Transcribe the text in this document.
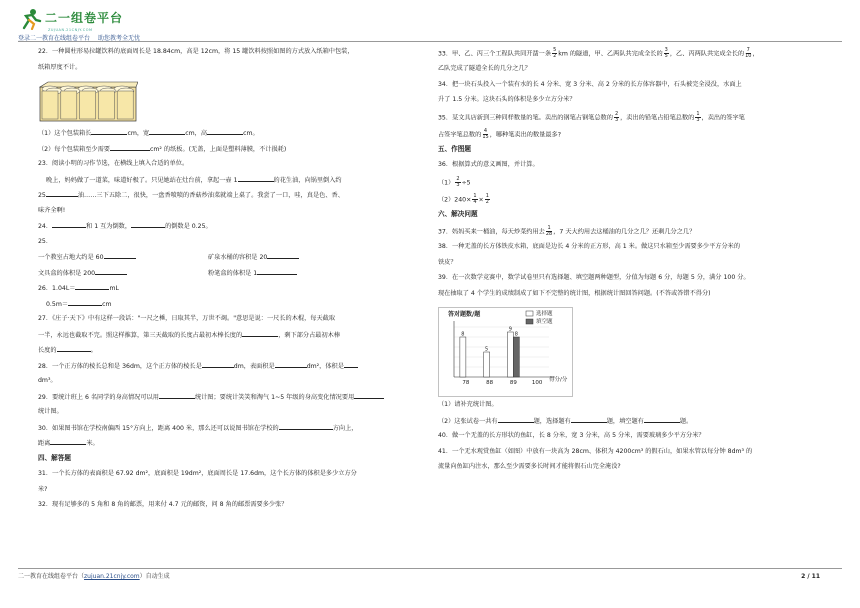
二一组卷平台
ZUJUAN.21CNJY.COM
登录二一教育在线组卷平台 助您教考全无忧
22．一种圆柱形易拉罐饮料的底面周长是 18.84cm，高是 12cm，将 15 罐饮料按照如图的方式放入纸箱中包装，
纸箱厚度不计。
（1）这个包装箱长	cm，宽	cm，高	cm。
（2）每个包装箱至少需要	cm² 的纸板。(无盖，上面是塑料薄膜，不计损耗)
23．阅读小明的习作节选，在横线上填入合适的单位。
晚上，妈妈做了一道菜，味道好极了。只见她站在灶台前，拿起一壶 1	的花生油，向锅里倒入约
25	油……三下五除二，很快，一盘香喷喷的香菇炒油菜就端上桌了。我尝了一口，哇，真是色、香、
味齐全啊!
24．	和 1 互为倒数，	的倒数是 0.25。
25．
一个教室占地大约是 60	矿泉水桶的容积是 20
文具盒的体积是 200	粉笔盒的体积是 1
26．1.04L＝	mL
0.5m＝	cm
27．《庄子·天下》中有这样一段话："一尺之棰，日取其半，万世不竭。"意思是说：一尺长的木棍，每天截取
一半，永远也截取不完。照这样推算，第三天截取的长度占最初木棒长度的	，剩下部分占最初木棒
长度的	。
28．一个正方体的棱长总和是 36dm，这个正方体的棱长是	dm，表面积是	dm²，体积是
dm³。
29．要统计班上 6 名同学的身高情况可以用	统计图；要统计笑笑和淘气 1~5 年级的身高变化情况要用
统计图。
30．如果图书馆在学校南偏西 15°方向上，距离 400 米，那么还可以说图书馆在学校的	方向上，
距离	米。
四、解答题
31．一个长方体的表面积是 67.92 dm²，底面积是 19dm²，底面周长是 17.6dm，这个长方体的体积是多少立方分
米?
32．现有足够多的 5 角和 8 角的邮票，用来付 4.7 元的邮资，问 8 角的邮票需要多少张？
33．甲、乙、丙三个工程队共同开凿一条 $\frac{5}{2}$ km 的隧道，甲、乙两队共完成全长的 $\frac{3}{5}$ ，乙、丙两队共完成全长的 $\frac{7}{10}$ ，
乙队完成了隧道全长的几分之几？
34．把一块石头投入一个装有水的长 4 分米、宽 3 分米、高 2 分米的长方体容器中，石头被完全浸没，水面上
升了 1.5 分米。这块石头的体积是多少立方分米？
35．某文具店新到三种同样数量的笔。卖出的钢笔占钢笔总数的 $\frac{2}{3}$ ，卖出的铅笔占铅笔总数的 $\frac{1}{3}$ ，卖出的签字笔
占签字笔总数的 $\frac{4}{15}$ ，哪种笔卖出的数量最多?
五、作图题
36．根据算式的意义画图，并计算。
$(1) \frac{2}{3} \div 5$
$(2)240\times \frac{1}{4} \times \frac{1}{2}$
六、解决问题
37．妈妈买来一桶油，每天炒菜约用去 $\frac{1}{28}$ ，7 天大约用去这桶油的几分之几？还剩几分之几？
38．一种无盖的长方体铁皮水箱，底面是边长 4 分米的正方形，高 1 米。做这只水箱至少需要多少平方分米的
铁皮？
39．在一次数学竞赛中，数学试卷里只有选择题、填空题两种题型，分值为每题 6 分，每题 5 分，满分 100 分。
现在抽取了 4 个学生的成绩制成了如下不完整的统计图，根据统计图回答问题。(不答或答错不得分)
答对题数/题	选择题
填空题
8
5
9
8
78	88	89	100 得分/分
（1）请补充统计图。
（2）这张试卷一共有	题，选择题有	题，填空题有	题。
40．做一个无盖的长方形状的鱼缸，长 8 分米，宽 3 分米，高 5 分米，需要玻璃多少平方分米？
41．一个无水观赏鱼缸（如图）中放有一块高为 28cm、体积为 4200cm³ 的假石山，如果水管以每分钟 8dm³ 的
流量向鱼缸内注水，那么至少需要多长时间才能将假石山完全淹没?
二一教育在线组卷平台（zujuan.21cnjy.com）自动生成	2 / 11
